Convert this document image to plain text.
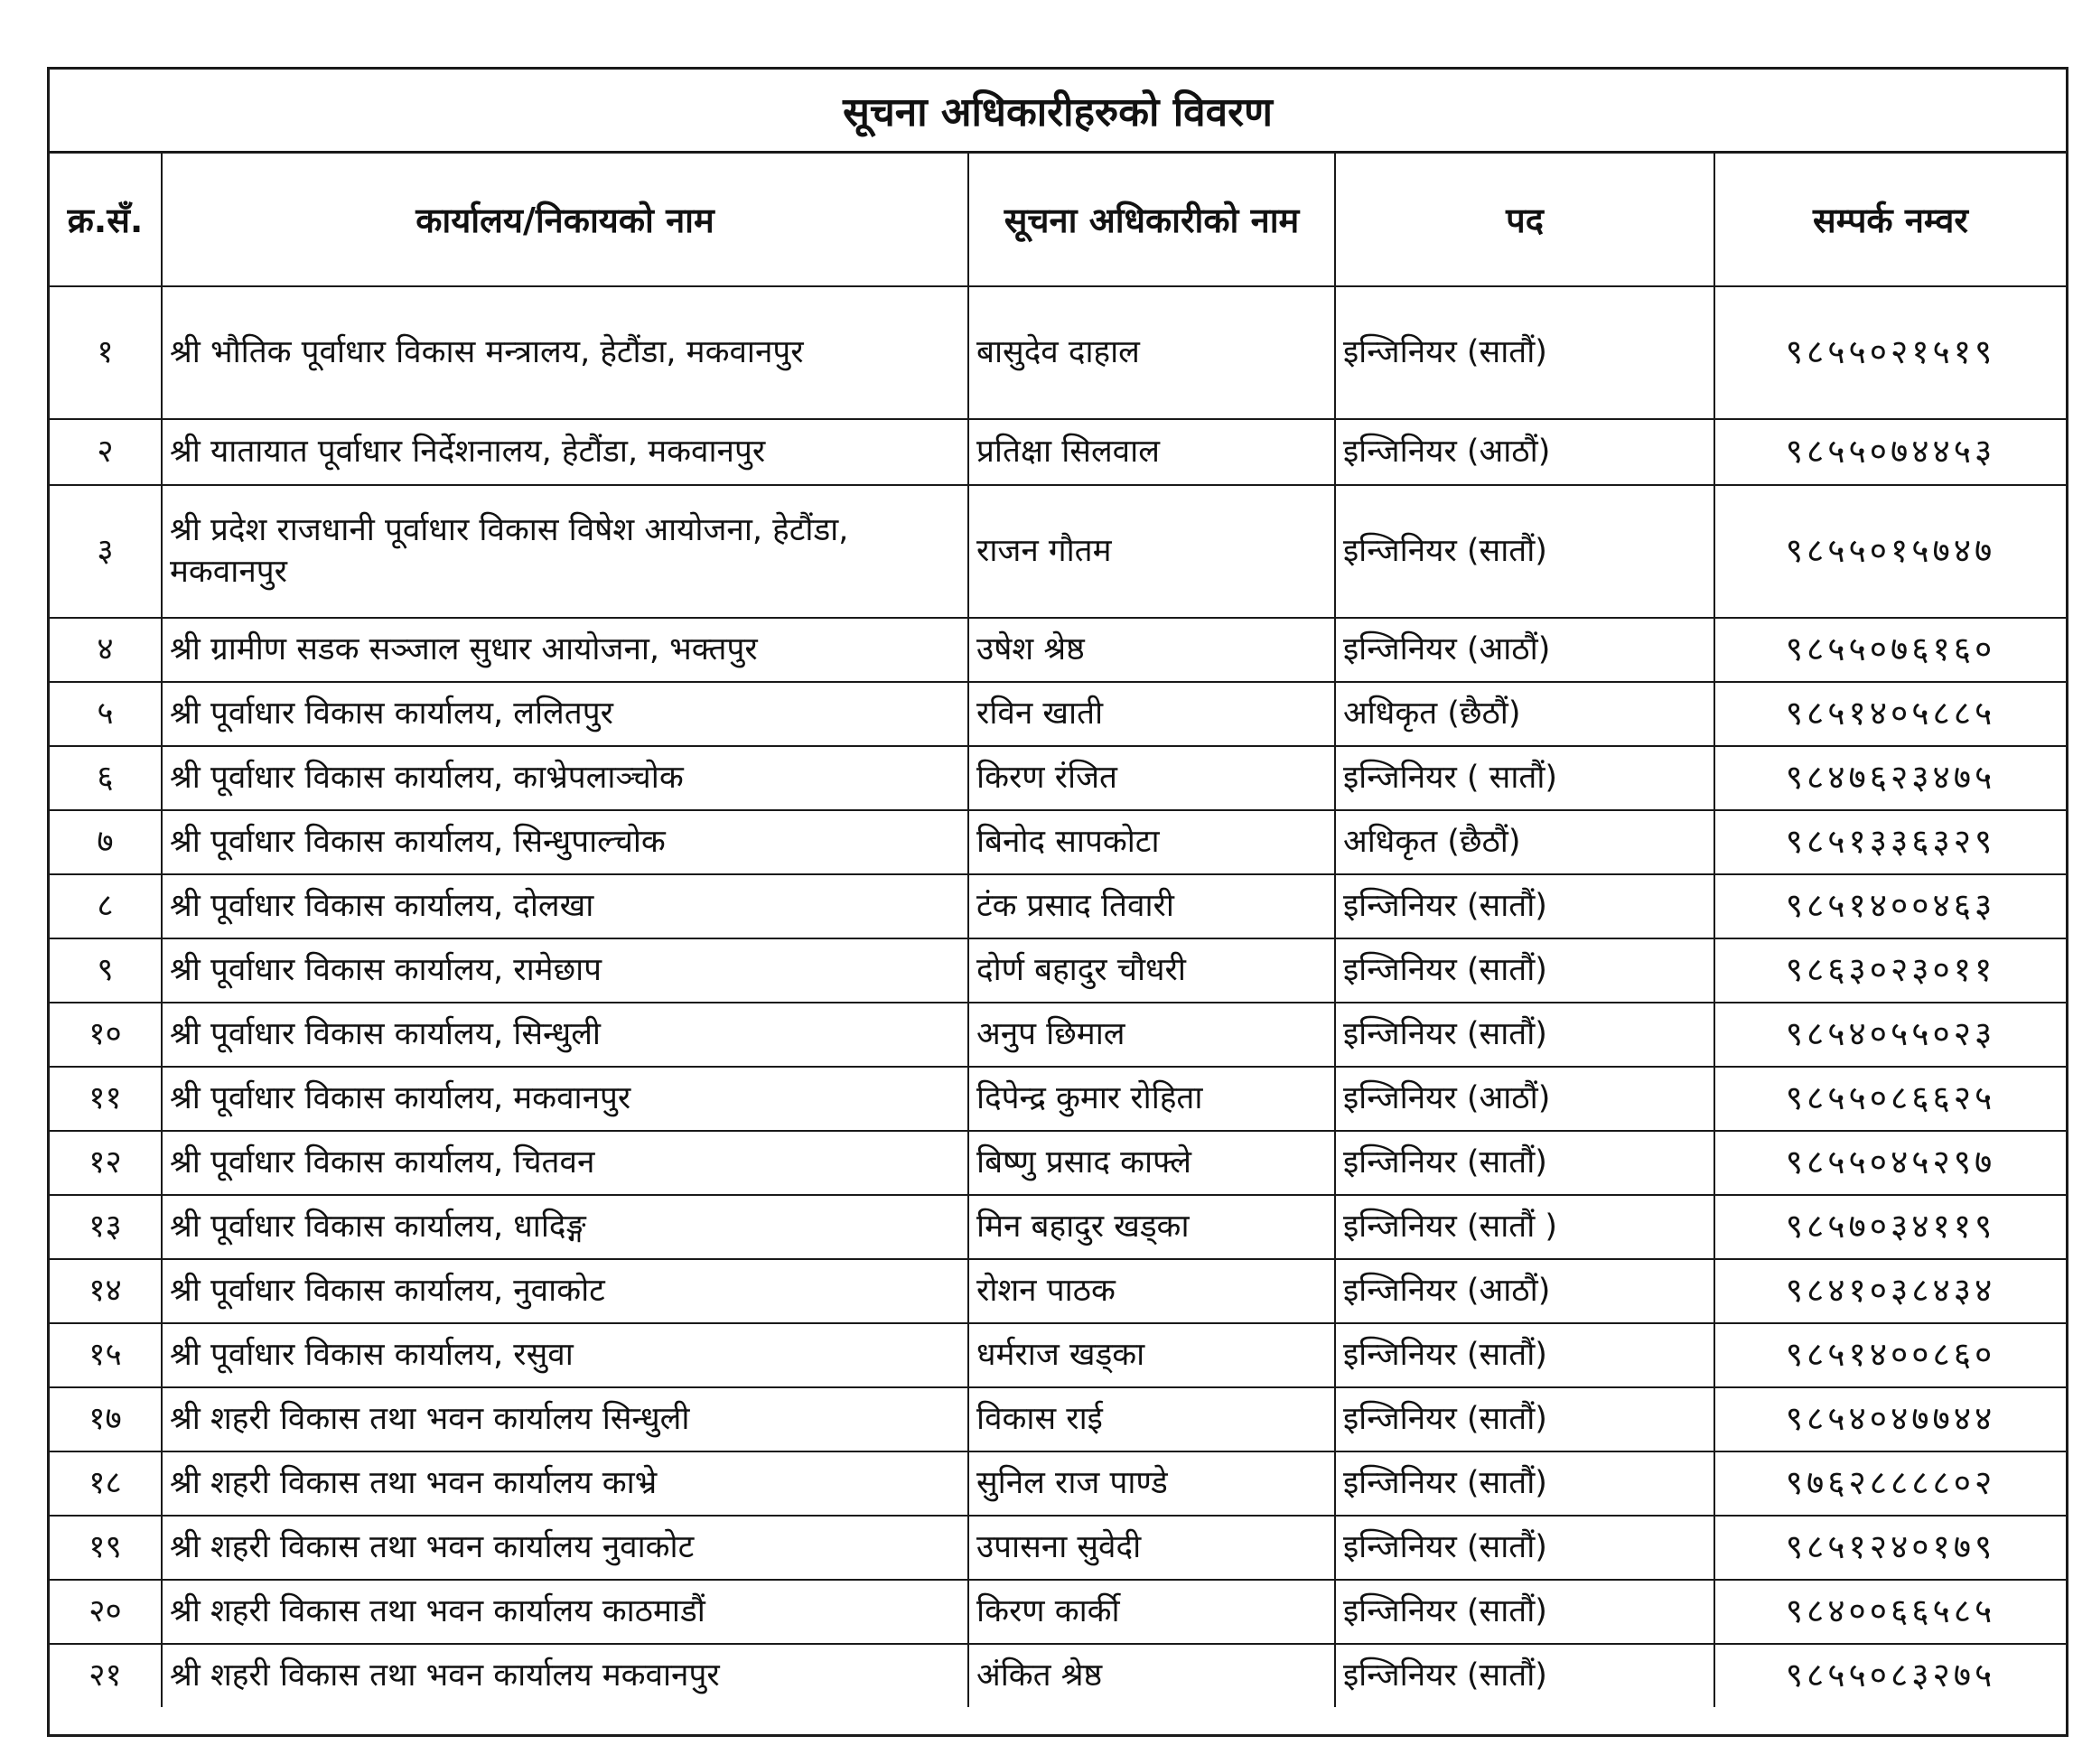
सूचना अधिकारीहरुको विवरण
क्र.सँ.	कार्यालय/निकायको नाम	सूचना अधिकारीको नाम	पद	सम्पर्क नम्वर
१	श्री भौतिक पूर्वाधार विकास मन्त्रालय, हेटौंडा, मकवानपुर	बासुदेव दाहाल	इन्जिनियर (सातौं)	९८५५०२१५१९
२	श्री यातायात पूर्वाधार निर्देशनालय, हेटौंडा, मकवानपुर	प्रतिक्षा सिलवाल	इन्जिनियर (आठौं)	९८५५०७४४५३
३	श्री प्रदेश राजधानी पूर्वाधार विकास विषेश आयोजना, हेटौंडा, मकवानपुर	राजन गौतम	इन्जिनियर (सातौं)	९८५५०१५७४७
४	श्री ग्रामीण सडक सञ्जाल सुधार आयोजना, भक्तपुर	उषेश श्रेष्ठ	इन्जिनियर (आठौं)	९८५५०७६१६०
५	श्री पूर्वाधार विकास कार्यालय, ललितपुर	रविन खाती	अधिकृत (छैठौं)	९८५१४०५८८५
६	श्री पूर्वाधार विकास कार्यालय, काभ्रेपलाञ्चोक	किरण रंजित	इन्जिनियर ( सातौं)	९८४७६२३४७५
७	श्री पूर्वाधार विकास कार्यालय, सिन्धुपाल्चोक	बिनोद सापकोटा	अधिकृत (छैठौं)	९८५१३३६३२९
८	श्री पूर्वाधार विकास कार्यालय, दोलखा	टंक प्रसाद तिवारी	इन्जिनियर (सातौं)	९८५१४००४६३
९	श्री पूर्वाधार विकास कार्यालय, रामेछाप	दोर्ण बहादुर चौधरी	इन्जिनियर (सातौं)	९८६३०२३०११
१०	श्री पूर्वाधार विकास कार्यालय, सिन्धुली	अनुप छिमाल	इन्जिनियर (सातौं)	९८५४०५५०२३
११	श्री पूर्वाधार विकास कार्यालय, मकवानपुर	दिपेन्द्र कुमार रोहिता	इन्जिनियर (आठौं)	९८५५०८६६२५
१२	श्री पूर्वाधार विकास कार्यालय, चितवन	बिष्णु प्रसाद काफ्ले	इन्जिनियर (सातौं)	९८५५०४५२९७
१३	श्री पूर्वाधार विकास कार्यालय, धादिङ्ग	मिन बहादुर खड्का	इन्जिनियर (सातौं )	९८५७०३४११९
१४	श्री पूर्वाधार विकास कार्यालय, नुवाकोट	रोशन पाठक	इन्जिनियर (आठौं)	९८४१०३८४३४
१५	श्री पूर्वाधार विकास कार्यालय, रसुवा	धर्मराज खड्का	इन्जिनियर (सातौं)	९८५१४००८६०
१७	श्री शहरी विकास तथा भवन कार्यालय सिन्धुली	विकास राई	इन्जिनियर (सातौं)	९८५४०४७७४४
१८	श्री शहरी विकास तथा भवन कार्यालय काभ्रे	सुनिल राज पाण्डे	इन्जिनियर (सातौं)	९७६२८८८८०२
१९	श्री शहरी विकास तथा भवन कार्यालय नुवाकोट	उपासना सुवेदी	इन्जिनियर (सातौं)	९८५१२४०१७९
२०	श्री शहरी विकास तथा भवन कार्यालय काठमाडौं	किरण कार्की	इन्जिनियर (सातौं)	९८४००६६५८५
२१	श्री शहरी विकास तथा भवन कार्यालय मकवानपुर	अंकित श्रेष्ठ	इन्जिनियर (सातौं)	९८५५०८३२७५
